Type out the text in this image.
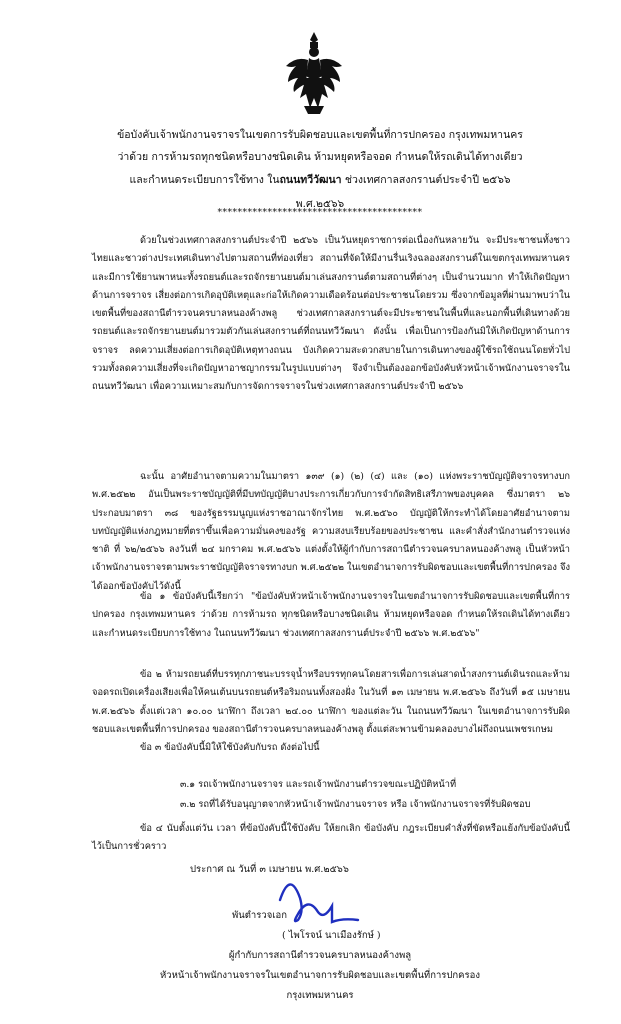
ข้อบังคับเจ้าพนักงานจราจรในเขตการรับผิดชอบและเขตพื้นที่การปกครอง กรุงเทพมหานคร
ว่าด้วย การห้ามรถทุกชนิดหรือบางชนิดเดิน ห้ามหยุดหรือจอด กำหนดให้รถเดินได้ทางเดียว
และกำหนดระเบียบการใช้ทาง ในถนนทวีวัฒนา ช่วงเทศกาลสงกรานต์ประจำปี ๒๕๖๖
พ.ศ.๒๕๖๖
*****************************************
ด้วยในช่วงเทศกาลสงกรานต์ประจำปี ๒๕๖๖ เป็นวันหยุดราชการต่อเนื่องกันหลายวัน จะมีประชาชนทั้งชาวไทยและชาวต่างประเทศเดินทางไปตามสถานที่ท่องเที่ยว สถานที่จัดให้มีงานรื่นเริงฉลองสงกรานต์ในเขตกรุงเทพมหานคร และมีการใช้ยานพาหนะทั้งรถยนต์และรถจักรยานยนต์มาเล่นสงกรานต์ตามสถานที่ต่างๆ เป็นจำนวนมาก ทำให้เกิดปัญหาด้านการจราจร เสี่ยงต่อการเกิดอุบัติเหตุและก่อให้เกิดความเดือดร้อนต่อประชาชนโดยรวม ซึ่งจากข้อมูลที่ผ่านมาพบว่าในเขตพื้นที่ของสถานีตำรวจนครบาลหนองค้างพลู ช่วงเทศกาลสงกรานต์จะมีประชาชนในพื้นที่และนอกพื้นที่เดินทางด้วยรถยนต์และรถจักรยานยนต์มารวมตัวกันเล่นสงกรานต์ที่ถนนทวีวัฒนา ดังนั้น เพื่อเป็นการป้องกันมิให้เกิดปัญหาด้านการจราจร ลดความเสี่ยงต่อการเกิดอุบัติเหตุทางถนน บังเกิดความสะดวกสบายในการเดินทางของผู้ใช้รถใช้ถนนโดยทั่วไป รวมทั้งลดความเสี่ยงที่จะเกิดปัญหาอาชญากรรมในรูปแบบต่างๆ จึงจำเป็นต้องออกข้อบังคับหัวหน้าเจ้าพนักงานจราจรในถนนทวีวัฒนา เพื่อความเหมาะสมกับการจัดการจราจรในช่วงเทศกาลสงกรานต์ประจำปี ๒๕๖๖
ฉะนั้น อาศัยอำนาจตามความในมาตรา ๑๓๙ (๑) (๒) (๔) และ (๑๐) แห่งพระราชบัญญัติจราจรทางบก พ.ศ.๒๕๒๒ อันเป็นพระราชบัญญัติที่มีบทบัญญัติบางประการเกี่ยวกับการจำกัดสิทธิเสรีภาพของบุคคล ซึ่งมาตรา ๒๖ ประกอบมาตรา ๓๘ ของรัฐธรรมนูญแห่งราชอาณาจักรไทย พ.ศ.๒๕๖๐ บัญญัติให้กระทำได้โดยอาศัยอำนาจตามบทบัญญัติแห่งกฎหมายที่ตราขึ้นเพื่อความมั่นคงของรัฐ ความสงบเรียบร้อยของประชาชน และคำสั่งสำนักงานตำรวจแห่งชาติ ที่ ๖๒/๒๕๖๖ ลงวันที่ ๒๔ มกราคม พ.ศ.๒๕๖๖ แต่งตั้งให้ผู้กำกับการสถานีตำรวจนครบาลหนองค้างพลู เป็นหัวหน้าเจ้าพนักงานจราจรตามพระราชบัญญัติจราจรทางบก พ.ศ.๒๕๒๒ ในเขตอำนาจการรับผิดชอบและเขตพื้นที่การปกครอง จึงได้ออกข้อบังคับไว้ดังนี้
ข้อ ๑ ข้อบังคับนี้เรียกว่า "ข้อบังคับหัวหน้าเจ้าพนักงานจราจรในเขตอำนาจการรับผิดชอบและเขตพื้นที่การปกครอง กรุงเทพมหานคร ว่าด้วย การห้ามรถ ทุกชนิดหรือบางชนิดเดิน ห้ามหยุดหรือจอด กำหนดให้รถเดินได้ทางเดียว และกำหนดระเบียบการใช้ทาง ในถนนทวีวัฒนา ช่วงเทศกาลสงกรานต์ประจำปี ๒๕๖๖ พ.ศ.๒๕๖๖"
ข้อ ๒ ห้ามรถยนต์ที่บรรทุกภาชนะบรรจุน้ำหรือบรรทุกคนโดยสารเพื่อการเล่นสาดน้ำสงกรานต์เดินรถและห้ามจอดรถเปิดเครื่องเสียงเพื่อให้คนเต้นบนรถยนต์หรือริมถนนทั้งสองฝั่ง ในวันที่ ๑๓ เมษายน พ.ศ.๒๕๖๖ ถึงวันที่ ๑๕ เมษายน พ.ศ.๒๕๖๖ ตั้งแต่เวลา ๑๐.๐๐ นาฬิกา ถึงเวลา ๒๔.๐๐ นาฬิกา ของแต่ละวัน ในถนนทวีวัฒนา ในเขตอำนาจการรับผิดชอบและเขตพื้นที่การปกครอง ของสถานีตำรวจนครบาลหนองค้างพลู ตั้งแต่สะพานข้ามคลองบางไผ่ถึงถนนเพชรเกษม
ข้อ ๓ ข้อบังคับนี้มิให้ใช้บังคับกับรถ ดังต่อไปนี้
๓.๑ รถเจ้าพนักงานจราจร และรถเจ้าพนักงานตำรวจขณะปฏิบัติหน้าที่
๓.๒ รถที่ได้รับอนุญาตจากหัวหน้าเจ้าพนักงานจราจร หรือ เจ้าพนักงานจราจรที่รับผิดชอบ
ข้อ ๔ นับตั้งแต่วัน เวลา ที่ข้อบังคับนี้ใช้บังคับ ให้ยกเลิก ข้อบังคับ กฎระเบียบคำสั่งที่ขัดหรือแย้งกับข้อบังคับนี้ไว้เป็นการชั่วคราว
ประกาศ ณ วันที่ ๓ เมษายน พ.ศ.๒๕๖๖
พันตำรวจเอก
( ไพโรจน์ นาเมืองรักษ์ )
ผู้กำกับการสถานีตำรวจนครบาลหนองค้างพลู
หัวหน้าเจ้าพนักงานจราจรในเขตอำนาจการรับผิดชอบและเขตพื้นที่การปกครอง
กรุงเทพมหานคร
